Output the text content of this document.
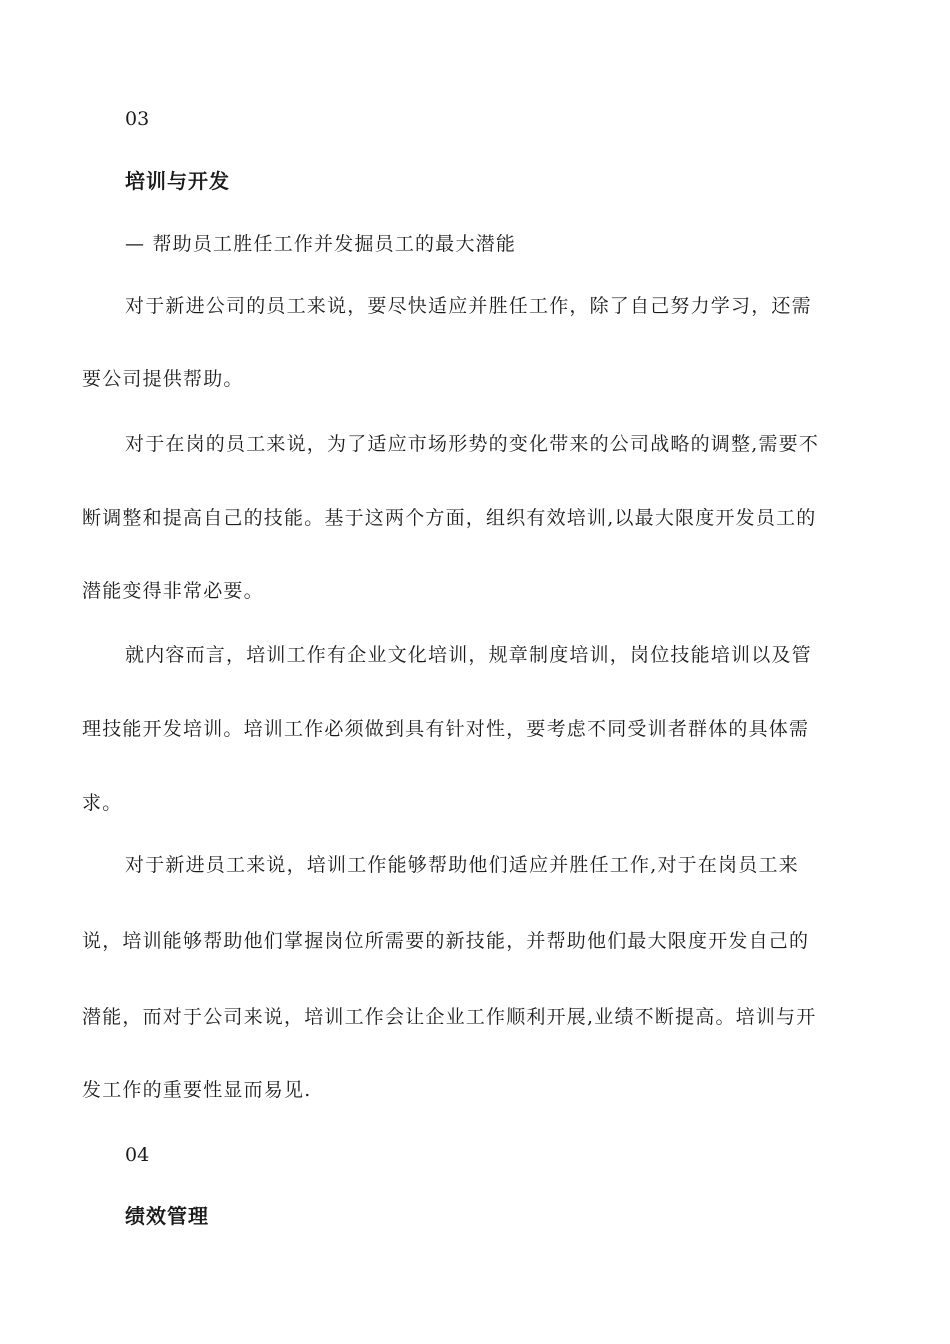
03
培训与开发
— 帮助员工胜任工作并发掘员工的最大潜能
对于新进公司的员工来说，要尽快适应并胜任工作，除了自己努力学习，还需
要公司提供帮助。
对于在岗的员工来说，为了适应市场形势的变化带来的公司战略的调整,需要不
断调整和提高自己的技能。基于这两个方面，组织有效培训,以最大限度开发员工的
潜能变得非常必要。
就内容而言，培训工作有企业文化培训，规章制度培训，岗位技能培训以及管
理技能开发培训。培训工作必须做到具有针对性，要考虑不同受训者群体的具体需
求。
对于新进员工来说，培训工作能够帮助他们适应并胜任工作,对于在岗员工来
说，培训能够帮助他们掌握岗位所需要的新技能，并帮助他们最大限度开发自己的
潜能，而对于公司来说，培训工作会让企业工作顺利开展,业绩不断提高。培训与开
发工作的重要性显而易见.
04
绩效管理
